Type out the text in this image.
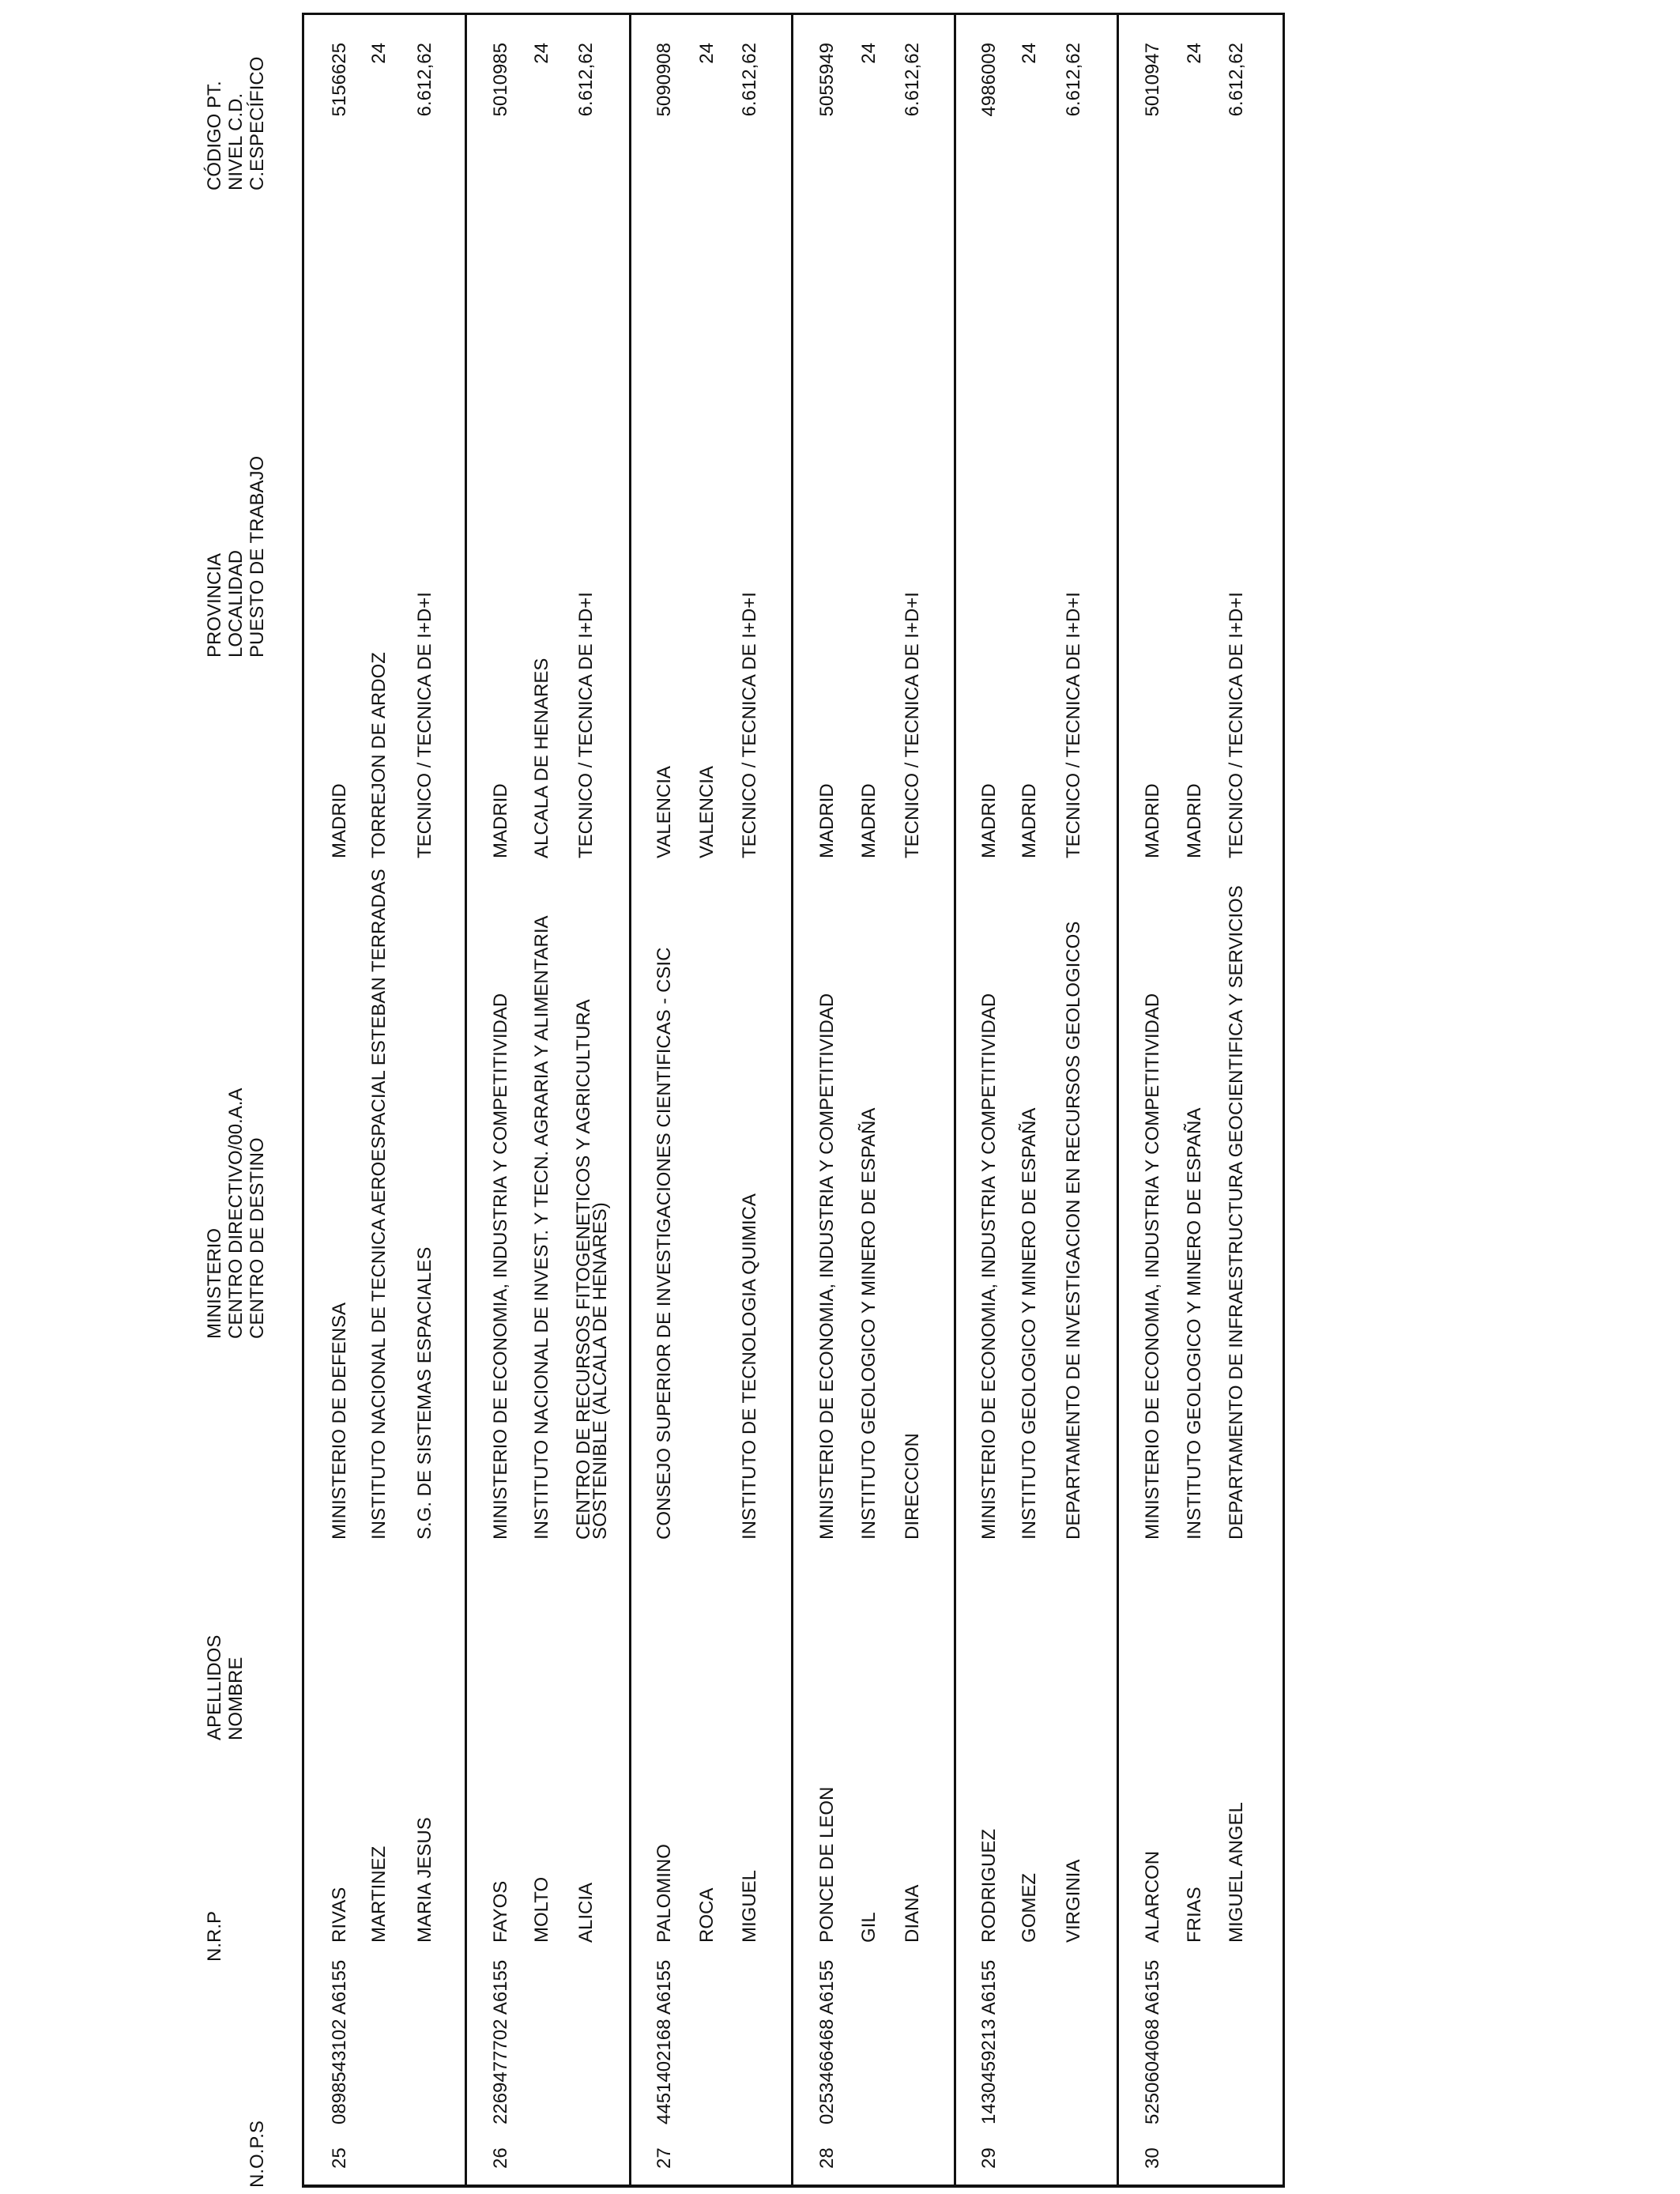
N.O.P.S
N.R.P
APELLIDOS NOMBRE
MINISTERIO CENTRO DIRECTIVO/00.A.A CENTRO DE DESTINO
PROVINCIA LOCALIDAD PUESTO DE TRABAJO
CÓDIGO PT. NIVEL C.D. C.ESPECÍFICO
25
0898543102 A6155
RIVAS MARTINEZ MARIA JESUS
MINISTERIO DE DEFENSA INSTITUTO NACIONAL DE TECNICA AEROESPACIAL ESTEBAN TERRADAS S.G. DE SISTEMAS ESPACIALES
MADRID TORREJON DE ARDOZ TECNICO / TECNICA DE I+D+I
5156625 24 6.612,62
26
2269477702 A6155
FAYOS MOLTO ALICIA
MINISTERIO DE ECONOMIA, INDUSTRIA Y COMPETITIVIDAD INSTITUTO NACIONAL DE INVEST. Y TECN. AGRARIA Y ALIMENTARIA CENTRO DE RECURSOS FITOGENETICOS Y AGRICULTURA SOSTENIBLE (ALCALA DE HENARES)
MADRID ALCALA DE HENARES TECNICO / TECNICA DE I+D+I
5010985 24 6.612,62
27
4451402168 A6155
PALOMINO ROCA MIGUEL
CONSEJO SUPERIOR DE INVESTIGACIONES CIENTIFICAS - CSIC	INSTITUTO DE TECNOLOGIA QUIMICA
VALENCIA VALENCIA TECNICO / TECNICA DE I+D+I
5090908 24 6.612,62
28
0253466468 A6155
PONCE DE LEON GIL DIANA
MINISTERIO DE ECONOMIA, INDUSTRIA Y COMPETITIVIDAD INSTITUTO GEOLOGICO Y MINERO DE ESPAÑA DIRECCION
MADRID MADRID TECNICO / TECNICA DE I+D+I
5055949 24 6.612,62
29
1430459213 A6155
RODRIGUEZ GOMEZ VIRGINIA
MINISTERIO DE ECONOMIA, INDUSTRIA Y COMPETITIVIDAD INSTITUTO GEOLOGICO Y MINERO DE ESPAÑA DEPARTAMENTO DE INVESTIGACION EN RECURSOS GEOLOGICOS
MADRID MADRID TECNICO / TECNICA DE I+D+I
4986009 24 6.612,62
30
5250604068 A6155
ALARCON FRIAS MIGUEL ANGEL
MINISTERIO DE ECONOMIA, INDUSTRIA Y COMPETITIVIDAD INSTITUTO GEOLOGICO Y MINERO DE ESPAÑA DEPARTAMENTO DE INFRAESTRUCTURA GEOCIENTIFICA Y SERVICIOS
MADRID MADRID TECNICO / TECNICA DE I+D+I
5010947 24 6.612,62
